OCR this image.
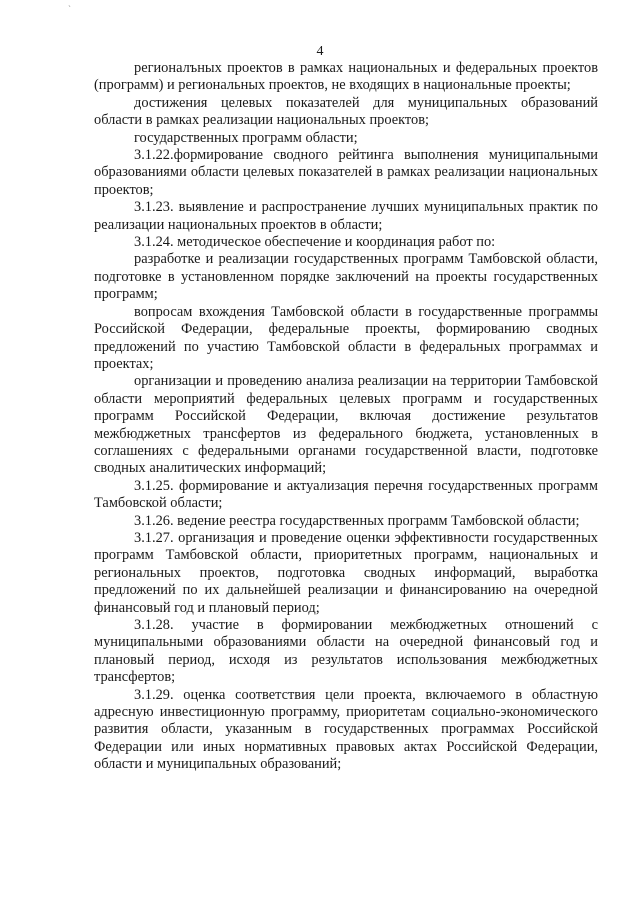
`
4

регионалъных проектов в рамках национальных и федеральных проектов (программ) и региональных проектов, не входящих в национальные проекты;

достижения целевых показателей для муниципальных образований области в рамках реализации национальных проектов;

государственных программ области;

3.1.22.формирование сводного рейтинга выполнения муниципальными образованиями области целевых показателей в рамках реализации национальных проектов;

3.1.23. выявление и распространение лучших муниципальных практик по реализации национальных проектов в области;

3.1.24. методическое обеспечение и координация работ по:

разработке и реализации государственных программ Тамбовской области, подготовке в установленном порядке заключений на проекты государственных программ;

вопросам вхождения Тамбовской области в государственные программы Российской Федерации, федеральные проекты, формированию сводных предложений по участию Тамбовской области в федеральных программах и проектах;

организации и проведению анализа реализации на территории Тамбовской области мероприятий федеральных целевых программ и государственных программ Российской Федерации, включая достижение результатов межбюджетных трансфертов из федерального бюджета, установленных в соглашениях с федеральными органами государственной власти, подготовке сводных аналитических информаций;

3.1.25. формирование и актуализация перечня государственных программ Тамбовской области;

3.1.26. ведение реестра государственных программ Тамбовской области;

3.1.27. организация и проведение оценки эффективности государственных программ Тамбовской области, приоритетных программ, национальных и региональных проектов, подготовка сводных информаций, выработка предложений по их дальнейшей реализации и финансированию на очередной финансовый год и плановый период;

3.1.28. участие в формировании межбюджетных отношений с муниципальными образованиями области на очередной финансовый год и плановый период, исходя из результатов использования межбюджетных трансфертов;

3.1.29. оценка соответствия цели проекта, включаемого в областную адресную инвестиционную программу, приоритетам социально-экономического развития области, указанным в государственных программах Российской Федерации или иных нормативных правовых актах Российской Федерации, области и муниципальных образований;
